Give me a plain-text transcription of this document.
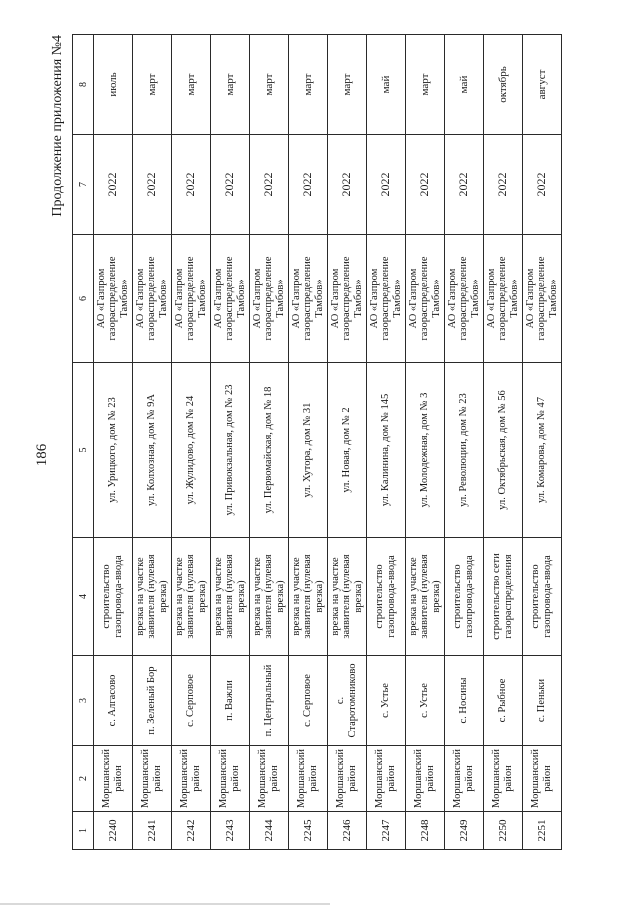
186
Продолжение приложения №4
1	2	3	4	5	6	7	8
2240	Моршанский район	с. Алгасово	строительство газопровода-ввода	ул. Урицкого, дом № 23	АО «Газпром газораспределение Тамбов»	2022	июль
2241	Моршанский район	п. Зеленый Бор	врезка на участке заявителя (нулевая врезка)	ул. Колхозная, дом № 9А	АО «Газпром газораспределение Тамбов»	2022	март
2242	Моршанский район	с. Серповое	врезка на участке заявителя (нулевая врезка)	ул. Жулидово, дом № 24	АО «Газпром газораспределение Тамбов»	2022	март
2243	Моршанский район	п. Важли	врезка на участке заявителя (нулевая врезка)	ул. Привокзальная, дом № 23	АО «Газпром газораспределение Тамбов»	2022	март
2244	Моршанский район	п. Центральный	врезка на участке заявителя (нулевая врезка)	ул. Первомайская, дом № 18	АО «Газпром газораспределение Тамбов»	2022	март
2245	Моршанский район	с. Серповое	врезка на участке заявителя (нулевая врезка)	ул. Хутора, дом № 31	АО «Газпром газораспределение Тамбов»	2022	март
2246	Моршанский район	с. Старотомниково	врезка на участке заявителя (нулевая врезка)	ул. Новая, дом № 2	АО «Газпром газораспределение Тамбов»	2022	март
2247	Моршанский район	с. Устье	строительство газопровода-ввода	ул. Калинина, дом № 145	АО «Газпром газораспределение Тамбов»	2022	май
2248	Моршанский район	с. Устье	врезка на участке заявителя (нулевая врезка)	ул. Молодежная, дом № 3	АО «Газпром газораспределение Тамбов»	2022	март
2249	Моршанский район	с. Носины	строительство газопровода-ввода	ул. Революции, дом № 23	АО «Газпром газораспределение Тамбов»	2022	май
2250	Моршанский район	с. Рыбное	строительство сети газораспределения	ул. Октябрьская, дом № 56	АО «Газпром газораспределение Тамбов»	2022	октябрь
2251	Моршанский район	с. Пеньки	строительство газопровода-ввода	ул. Комарова, дом № 47	АО «Газпром газораспределение Тамбов»	2022	август
